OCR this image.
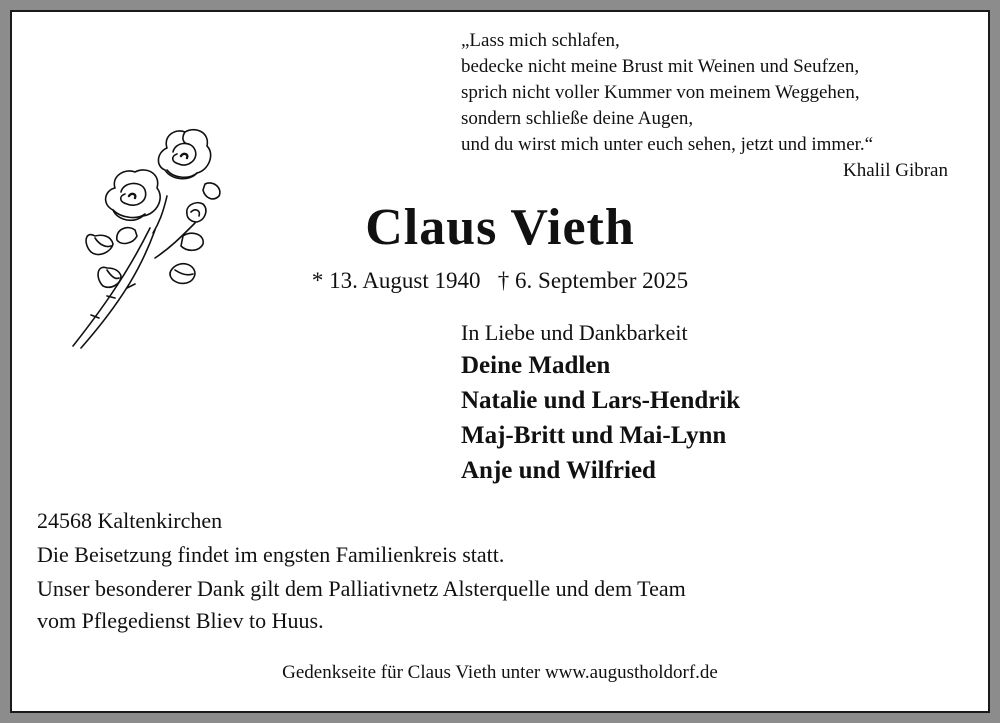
„Lass mich schlafen,
bedecke nicht meine Brust mit Weinen und Seufzen,
sprich nicht voller Kummer von meinem Weggehen,
sondern schließe deine Augen,
und du wirst mich unter euch sehen, jetzt und immer.“
Khalil Gibran
Claus Vieth
* 13. August 1940 † 6. September 2025
In Liebe und Dankbarkeit
Deine Madlen
Natalie und Lars-Hendrik
Maj-Britt und Mai-Lynn
Anje und Wilfried
24568 Kaltenkirchen
Die Beisetzung findet im engsten Familienkreis statt.
Unser besonderer Dank gilt dem Palliativnetz Alsterquelle und dem Team
vom Pflegedienst Bliev to Huus.
Gedenkseite für Claus Vieth unter www.augustholdorf.de
